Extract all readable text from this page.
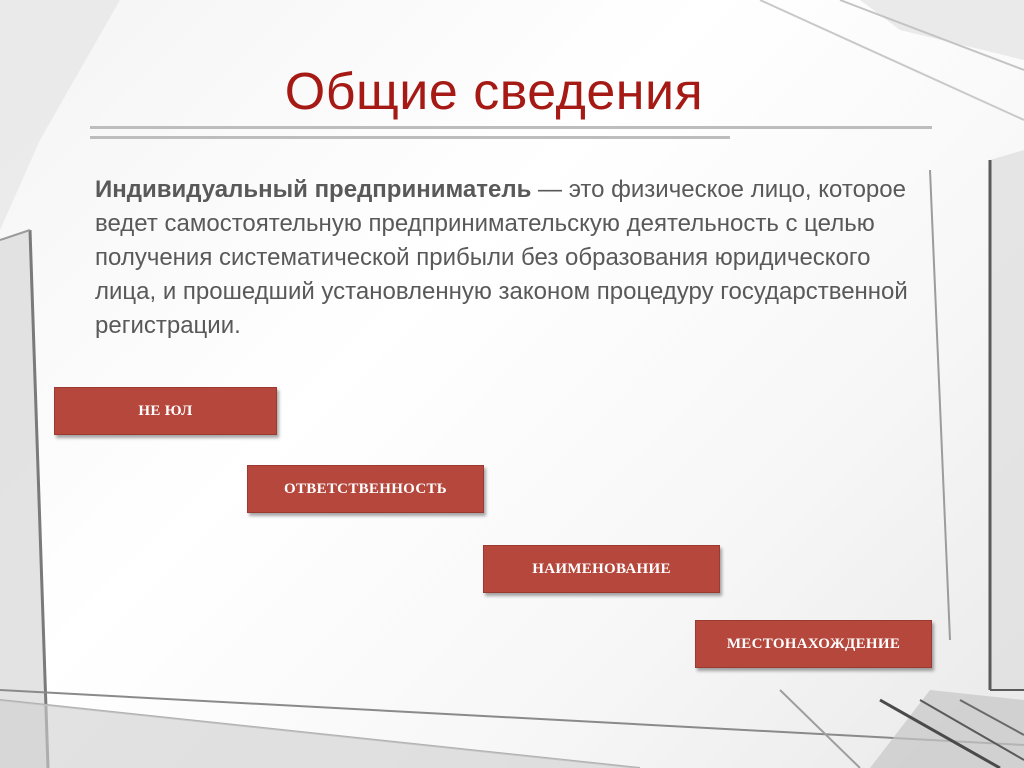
Общие сведения
Индивидуальный предприниматель — это физическое лицо, которое ведет самостоятельную предпринимательскую деятельность с целью получения систематической прибыли без образования юридического лица, и прошедший установленную законом процедуру государственной регистрации.
НЕ ЮЛ
ОТВЕТСТВЕННОСТЬ
НАИМЕНОВАНИЕ
МЕСТОНАХОЖДЕНИЕ
